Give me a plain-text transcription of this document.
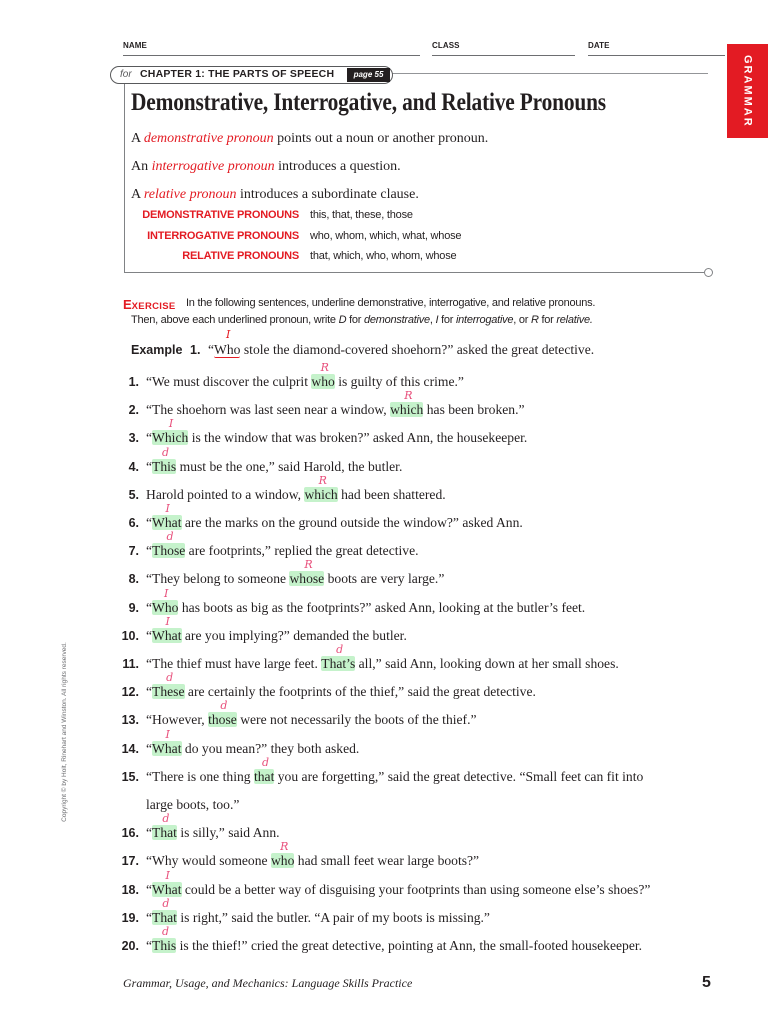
NAME	CLASS	DATE
GRAMMAR
for CHAPTER 1: THE PARTS OF SPEECH	page 55
Demonstrative, Interrogative, and Relative Pronouns
A demonstrative pronoun points out a noun or another pronoun.
An interrogative pronoun introduces a question.
A relative pronoun introduces a subordinate clause.
DEMONSTRATIVE PRONOUNS this, that, these, those
INTERROGATIVE PRONOUNS who, whom, which, what, whose
RELATIVE PRONOUNS that, which, who, whom, whose
EXERCISE In the following sentences, underline demonstrative, interrogative, and relative pronouns.
Then, above each underlined pronoun, write D for demonstrative, I for interrogative, or R for relative.
Example 1. “Who
I
stole the diamond-covered shoehorn?” asked the great detective.
1. “We must discover the culprit who
R
is guilty of this crime.”
2. “The shoehorn was last seen near a window, which
R
has been broken.”
3. “Which
I
is the window that was broken?” asked Ann, the housekeeper.
4. “This
d
must be the one,” said Harold, the butler.
5. Harold pointed to a window, which
R
had been shattered.
6. “What
I
are the marks on the ground outside the window?” asked Ann.
7. “Those
d
are footprints,” replied the great detective.
8. “They belong to someone whose
R
boots are very large.”
9. “Who
I
has boots as big as the footprints?” asked Ann, looking at the butler’s feet.
10. “What
I
are you implying?” demanded the butler.
11. “The thief must have large feet. That’s
d
all,” said Ann, looking down at her small shoes.
12. “These
d
are certainly the footprints of the thief,” said the great detective.
13. “However, those
d
were not necessarily the boots of the thief.”
14. “What
I
do you mean?” they both asked.
15. “There is one thing that
d
you are forgetting,” said the great detective. “Small feet can fit into
large boots, too.”
16. “That
d
is silly,” said Ann.
17. “Why would someone who
R
had small feet wear large boots?”
18. “What
I
could be a better way of disguising your footprints than using someone else’s shoes?”
19. “That
d
is right,” said the butler. “A pair of my boots is missing.”
20. “This
d
is the thief!” cried the great detective, pointing at Ann, the small-footed housekeeper.
Copyright © by Holt, Rinehart and Winston. All rights reserved.
Grammar, Usage, and Mechanics: Language Skills Practice	5
